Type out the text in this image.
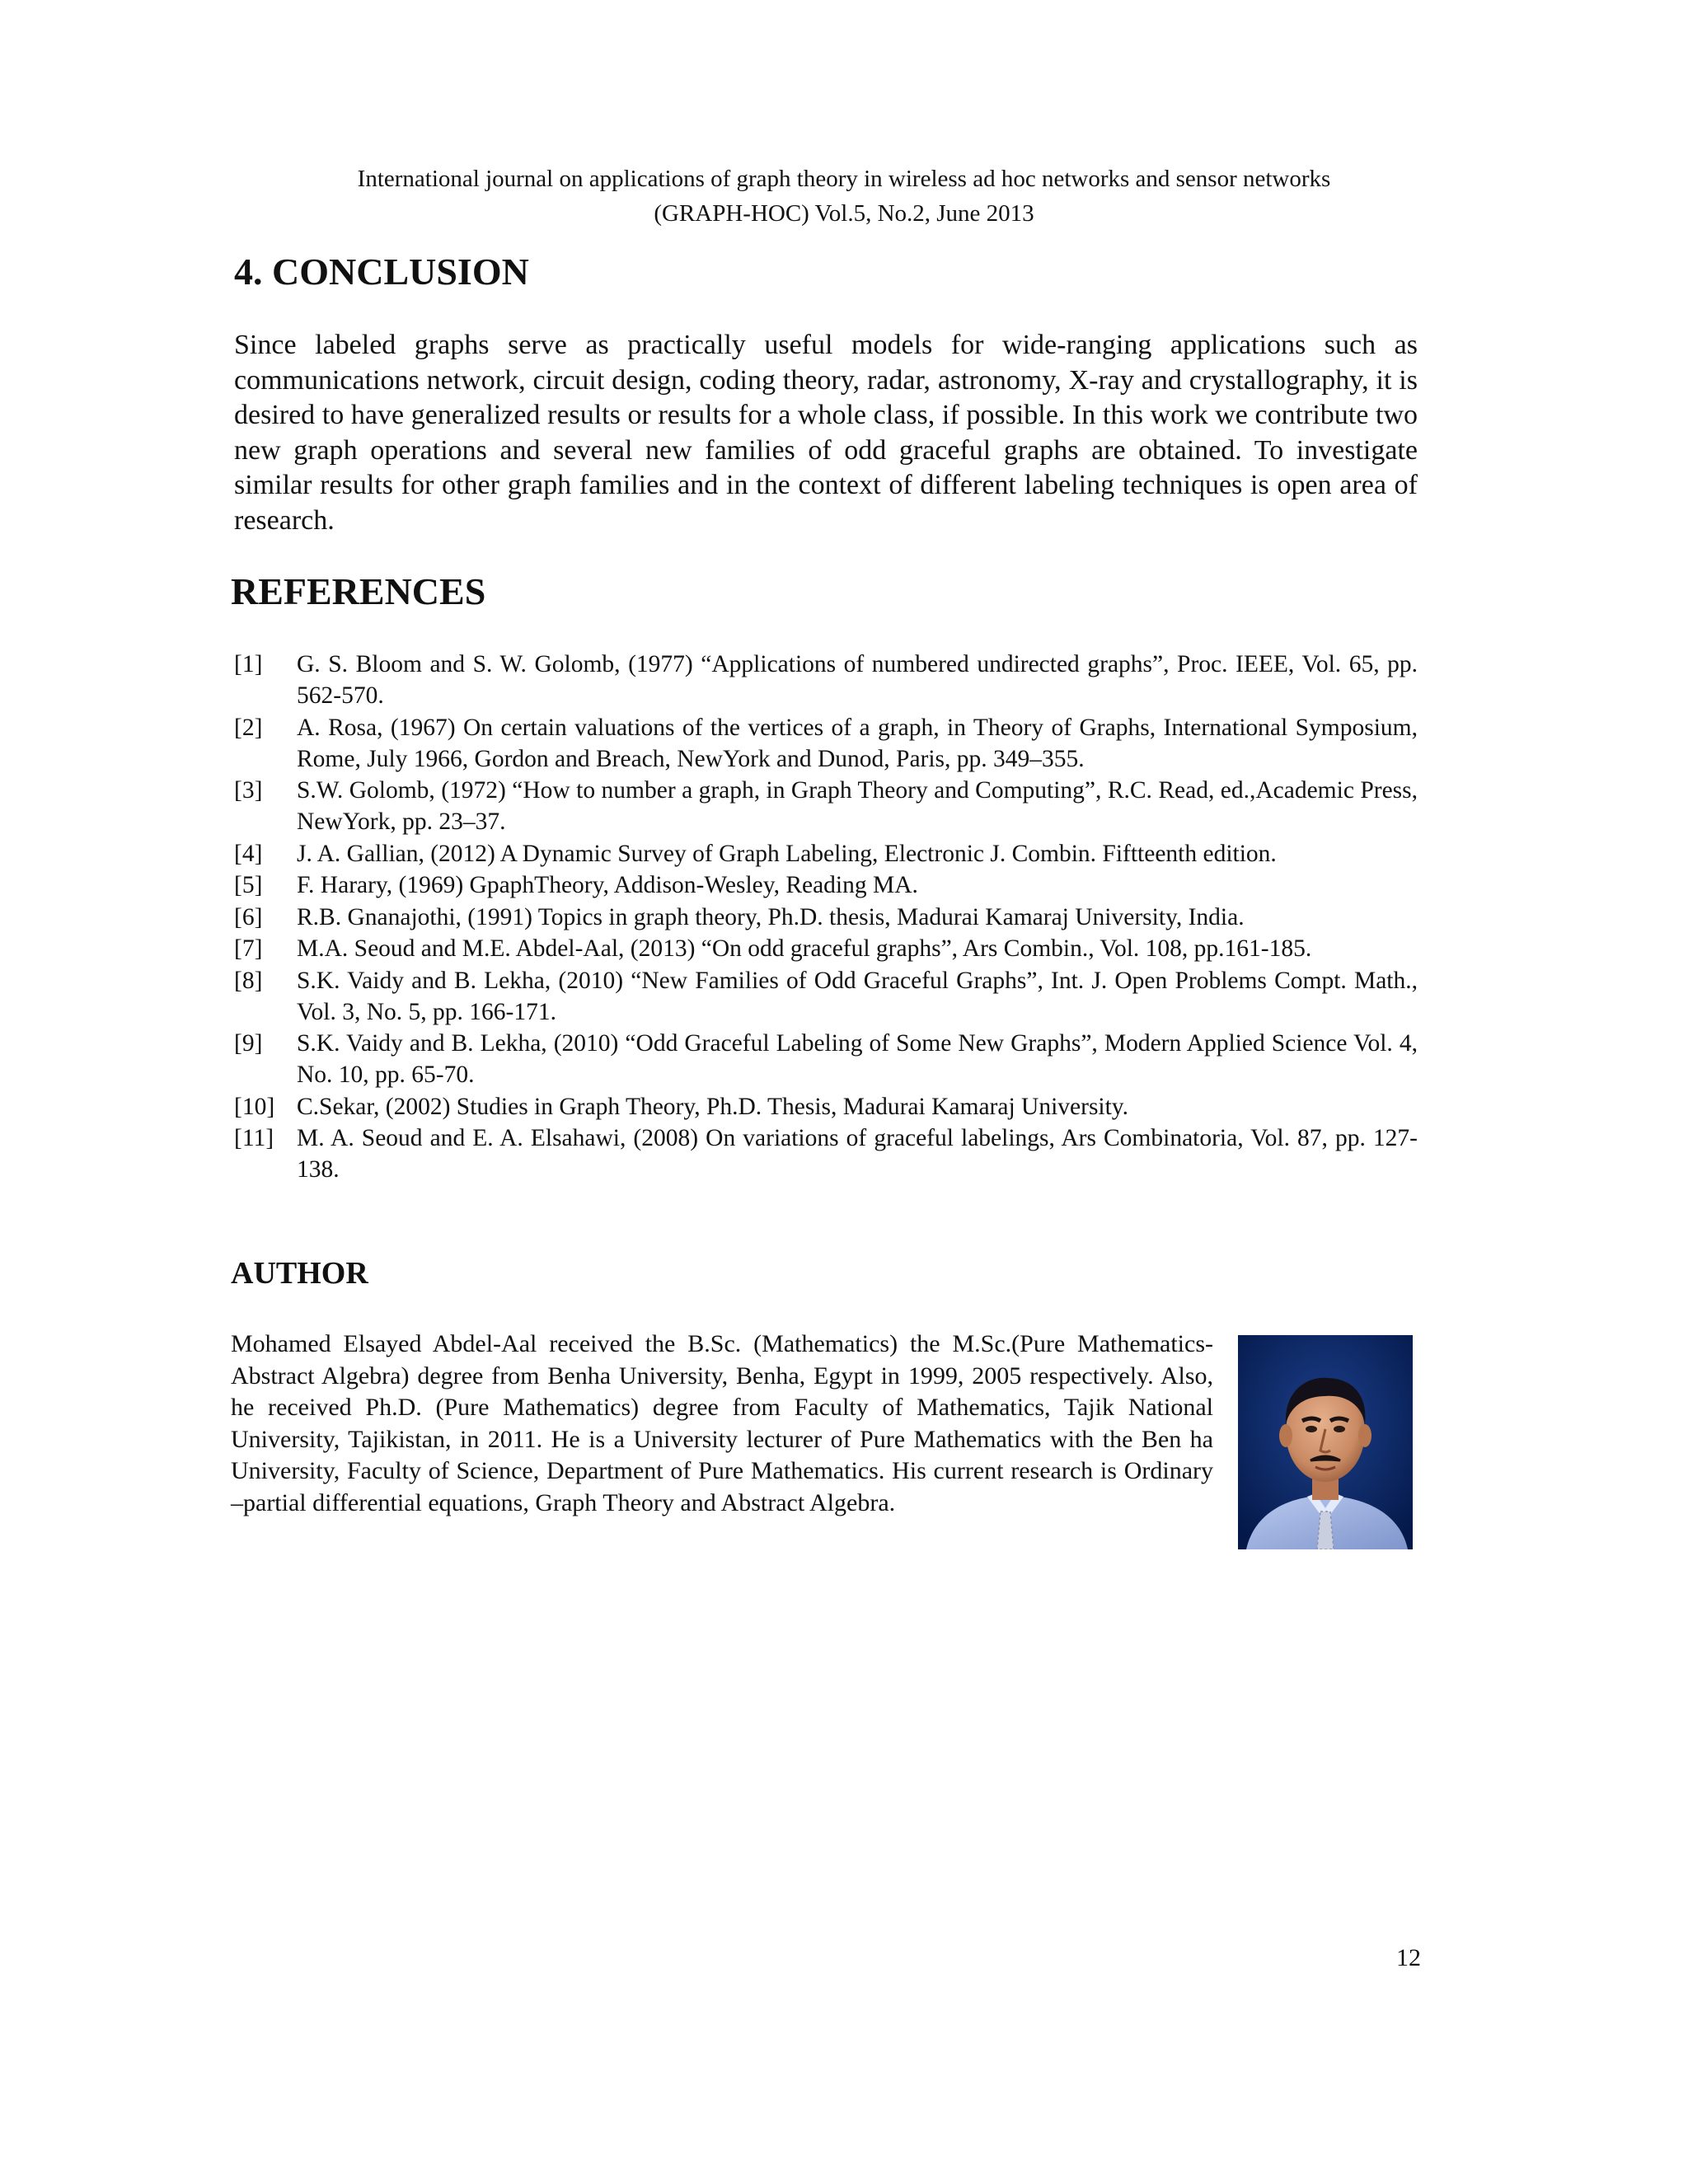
International journal on applications of graph theory in wireless ad hoc networks and sensor networks
(GRAPH-HOC) Vol.5, No.2, June 2013
4. CONCLUSION

Since labeled graphs serve as practically useful models for wide-ranging applications such as communications network, circuit design, coding theory, radar, astronomy, X-ray and crystallography, it is desired to have generalized results or results for a whole class, if possible. In this work we contribute two new graph operations and several new families of odd graceful graphs are obtained. To investigate similar results for other graph families and in the context of different labeling techniques is open area of research.

REFERENCES
[1]	G. S. Bloom and S. W. Golomb, (1977) “Applications of numbered undirected graphs”, Proc. IEEE, Vol. 65, pp. 562-570.
[2]	A. Rosa, (1967) On certain valuations of the vertices of a graph, in Theory of Graphs, International Symposium, Rome, July 1966, Gordon and Breach, NewYork and Dunod, Paris, pp. 349–355.
[3]	S.W. Golomb, (1972) “How to number a graph, in Graph Theory and Computing”, R.C. Read, ed.,Academic Press, NewYork, pp. 23–37.
[4]	J. A. Gallian, (2012) A Dynamic Survey of Graph Labeling, Electronic J. Combin. Fiftteenth edition.
[5]	F. Harary, (1969) GpaphTheory, Addison-Wesley, Reading MA.
[6]	R.B. Gnanajothi, (1991) Topics in graph theory, Ph.D. thesis, Madurai Kamaraj University, India.
[7]	M.A. Seoud and M.E. Abdel-Aal, (2013) “On odd graceful graphs”, Ars Combin., Vol. 108, pp.161-185.
[8]	S.K. Vaidy and B. Lekha, (2010) “New Families of Odd Graceful Graphs”, Int. J. Open Problems Compt. Math., Vol. 3, No. 5, pp. 166-171.
[9]	S.K. Vaidy and B. Lekha, (2010) “Odd Graceful Labeling of Some New Graphs”, Modern Applied Science Vol. 4, No. 10, pp. 65-70.
[10] C.Sekar, (2002) Studies in Graph Theory, Ph.D. Thesis, Madurai Kamaraj University.
[11] M. A. Seoud and E. A. Elsahawi, (2008) On variations of graceful labelings, Ars Combinatoria, Vol. 87, pp. 127-138.
AUTHOR

Mohamed Elsayed Abdel-Aal received the B.Sc. (Mathematics) the M.Sc.(Pure Mathematics-Abstract Algebra) degree from Benha University, Benha, Egypt in 1999, 2005 respectively. Also, he received Ph.D. (Pure Mathematics) degree from Faculty of Mathematics, Tajik National University, Tajikistan, in 2011. He is a University lecturer of Pure Mathematics with the Ben ha University, Faculty of Science, Department of Pure Mathematics. His current research is Ordinary –partial differential equations, Graph Theory and Abstract Algebra.

12
